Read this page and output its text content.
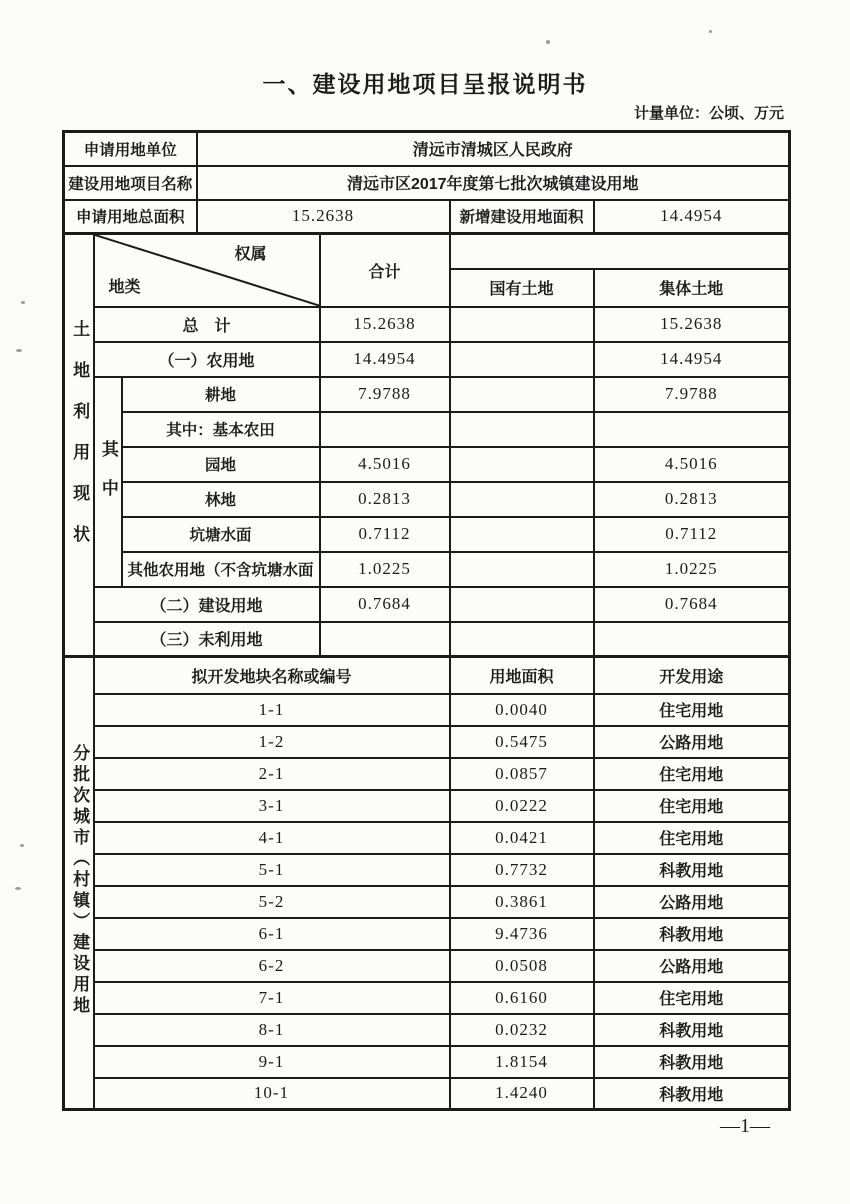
一、建设用地项目呈报说明书
计量单位：公顷、万元
申请用地单位	清远市清城区人民政府		
建设用地项目名称	清远市区2017年度第七批次城镇建设用地		
申请用地总面积	15.2638	新增建设用地面积	14.4954
土地利用现状	权属
地类		合计		
				国有土地	集体土地
	总　计		15.2638		15.2638
	（一）农用地		14.4954		14.4954
	其中	耕地	7.9788		7.9788
		其中：基本农田			
		园地	4.5016		4.5016
		林地	0.2813		0.2813
		坑塘水面	0.7112		0.7112
		其他农用地（不含坑塘水面	1.0225		1.0225
	（二）建设用地		0.7684		0.7684
	（三）未利用地				
分批次城市（村镇）建设用地	拟开发地块名称或编号	用地面积	开发用途
	1-1	0.0040	住宅用地
	1-2	0.5475	公路用地
	2-1	0.0857	住宅用地
	3-1	0.0222	住宅用地
	4-1	0.0421	住宅用地
	5-1	0.7732	科教用地
	5-2	0.3861	公路用地
	6-1	9.4736	科教用地
	6-2	0.0508	公路用地
	7-1	0.6160	住宅用地
	8-1	0.0232	科教用地
	9-1	1.8154	科教用地
	10-1	1.4240	科教用地
—1—
